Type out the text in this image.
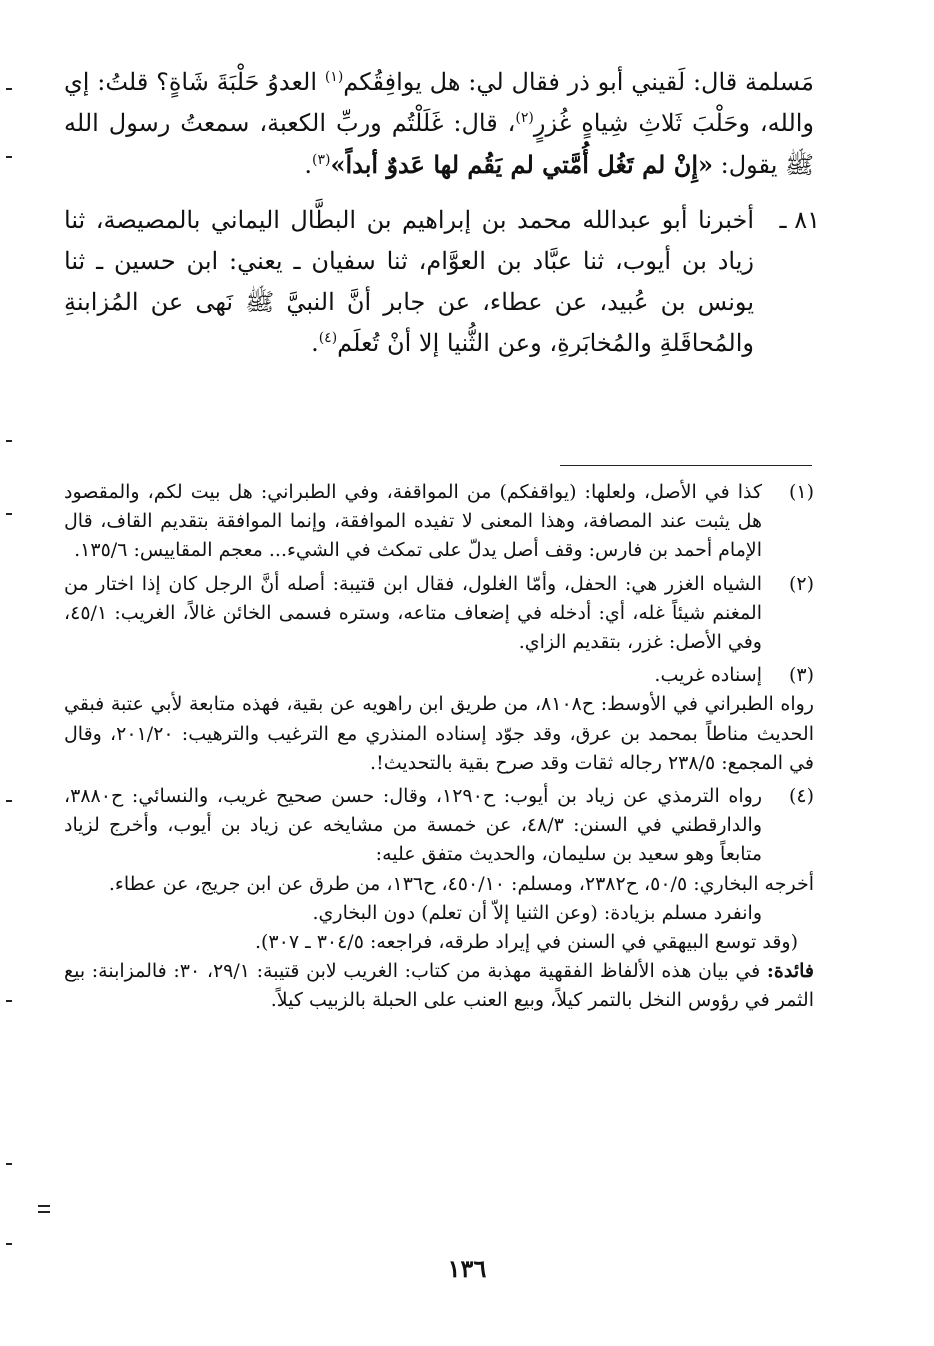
مَسلمة قال: لَقيني أبو ذر فقال لي: هل يوافِقُكم$^{(١)}$ العدوُ حَلْبَةَ شَاةٍ؟ قلتُ: إي والله، وحَلْبَ ثَلاثِ شِياهٍ غُزرٍ$^{(٢)}$، قال: غَلَلْتُم وربِّ الكعبة، سمعتُ رسول الله ﷺ يقول: «إِنْ لم تَغُل أُمَّتي لم يَقُم لها عَدوٌ أبداً»$^{(٣)}$.

٨١ ـ
أخبرنا أبو عبدالله محمد بن إبراهيم بن البطَّال اليماني بالمصيصة، ثنا زياد بن أيوب، ثنا عبَّاد بن العوَّام، ثنا سفيان ـ يعني: ابن حسين ـ ثنا يونس بن عُبيد، عن عطاء، عن جابر أنَّ النبيَّ ﷺ نَهى عن المُزابنةِ والمُحاقَلةِ والمُخابَرةِ، وعن الثُّنيا إلا أنْ تُعلَم$^{(٤)}$.

(١)

كذا في الأصل، ولعلها: (يواقفكم) من المواقفة، وفي الطبراني: هل بيت لكم، والمقصود هل يثبت عند المصافة، وهذا المعنى لا تفيده الموافقة، وإنما الموافقة بتقديم القاف، قال الإمام أحمد بن فارس: وقف أصل يدلّ على تمكث في الشيء... معجم المقاييس: ١٣٥/٦.

(٢)

الشياه الغزر هي: الحفل، وأمّا الغلول، فقال ابن قتيبة: أصله أنَّ الرجل كان إذا اختار من المغنم شيئاً غله، أي: أدخله في إضعاف متاعه، وستره فسمى الخائن غالاً، الغريب: ٤٥/١، وفي الأصل: غزر، بتقديم الزاي.

(٣)

إسناده غريب.

رواه الطبراني في الأوسط: ح٨١٠٨، من طريق ابن راهويه عن بقية، فهذه متابعة لأبي عتبة فبقي الحديث مناطاً بمحمد بن عرق، وقد جوّد إسناده المنذري مع الترغيب والترهيب: ٢٠١/٢٠، وقال في المجمع: ٢٣٨/٥ رجاله ثقات وقد صرح بقية بالتحديث!.

(٤)

رواه الترمذي عن زياد بن أيوب: ح١٢٩٠، وقال: حسن صحيح غريب، والنسائي: ح٣٨٨٠، والدارقطني في السنن: ٤٨/٣، عن خمسة من مشايخه عن زياد بن أيوب، وأخرج لزياد متابعاً وهو سعيد بن سليمان، والحديث متفق عليه:

أخرجه البخاري: ٥٠/٥، ح٢٣٨٢، ومسلم: ٤٥٠/١٠، ح١٣٦، من طرق عن ابن جريج، عن عطاء.

وانفرد مسلم بزيادة: (وعن الثنيا إلاّ أن تعلم) دون البخاري.

(وقد توسع البيهقي في السنن في إيراد طرقه، فراجعه: ٣٠٤/٥ ـ ٣٠٧).

فائدة: في بيان هذه الألفاظ الفقهية مهذبة من كتاب: الغريب لابن قتيبة: ٢٩/١، ٣٠: فالمزابنة: بيع الثمر في رؤوس النخل بالتمر كيلاً، وبيع العنب على الحبلة بالزبيب كيلاً.

١٣٦
